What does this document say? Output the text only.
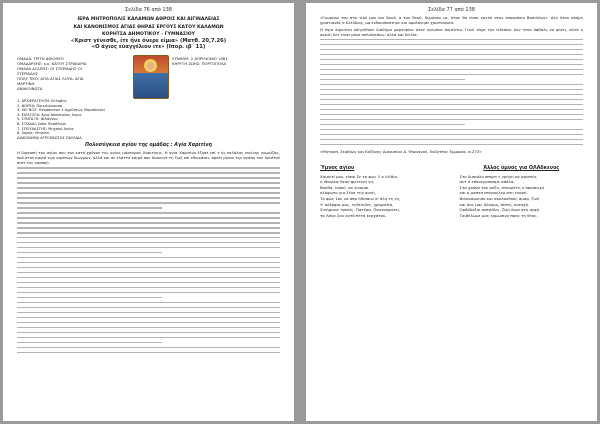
Σελίδα 76 από 138
ΙΕΡΑ ΜΗΤΡΟΠΟΛΙΣ ΚΑΛΑΜΩΝ ΑΘΡΟΙΣ ΚΑΙ ΑΙΓΙΝΑΛΕΙΑΣ
ΚΑΙ ΚΑΝΟΝΙΣΜΟΣ ΑΓΙΑΣ ΘΗΡΑΣ ΕΡΓΟΥΣ ΚΑΤΟΥ ΚΑΛΑΜΩΝ
ΚΟΡΗΤΣΑ ΔΗΜΟΤΙΚΟΥ - ΓΥΜΝΑΣΙΟΥ
«Χριστ γένεσθε, ίτε ήνε όνερε είμια» (Ματθ. 20,7.26)
«Ο άγιος εύαγγέλιον ιτε» (Ιπορ. ιβ΄ 11)
ΟΜΑΔΑ: ΤΡΙΤΗ ΦΙΛΟΘΕΟ
ΟΜΑΔΑΡΧΗΣ: κ.κ. ΚΑΤΟΥ ΣΤΡΑΚΑΡΙΑ
ΟΜΑΔΑ ΑΓΑΠΗΣ: ΟΙ ΣΤΕΡΙΑΔΗΣ ΟΙ ΣΤΕΡΙΑΔΗΣ
ΠΟΛΥ ΤΙΚΟ: ΑΓΙΑ ΑΓΙΑΣ ΛΟΥΔ. ΑΓΙΑ ΜΑΡΤΙΝΗ
ΑΝΑΚΟΙΝΩΤΑ
ΣΥΝΗΘΗ: 2 ΑΠΡΙΛΙΟΝΙΟ 1981
ΚΗΡΥΞΗ ΖΩΗΣ: ΠΟΡΤΟΠΟΛΑ
1. ΑΡΧΙΕΡΑΤΕΥΟΝ: Εύλαβής
2. ΦΟΡΕΑ: Ποικιλώνουσα
3. ΜΟ ΝΟΣ: Θεόσπιστου τ Αχρύσεως Μαροδιανεί
4. ΕΙΣΑΓΟΓΑ: Αγια Αποστολος Αγιος
5. ΣΥΝΤΑΞΗ: Φιλάγνου
6. ΣΤΙΧΑΔΙ: Ωσία Παρθένων
7. ΣΠΟΥΔΑΣΤΗΣ: Μηχανή Αγίας
8. Χορός: Μηνάτη
ΔΙΑΚΟΝΗΜΑ ΑΓΡΟΘΕΩΤΗΣ ΠΑΥΛΙΔΑ
Πολυσύγκεια αγίου της ομάδας : Αγία Χαριτίνη

Η διακοπή του αγίου σου του κατά χρόνον της αγίας μάρτυρος Χαριτίνης. Η αγία Χαριτίνη έζησε επί τ ής πελάλας εκείνης γνωρίζας, πού στον καιρό των αιμάτων διωγμών, αλλά και σε ελάττα καιρό που διακεινε τη ζωή και εθνικάσει, προτί μήσιν την αγάπη του Χριστού πίστ της καρπού.

Σελίδα 77 από 138

«Γνωρίσω του στο τιού μου και δουλί α του Θεού, θυμήσου με, όταν θα είσαι κοντά στον επουράνιο Βασιλέων». Δεν ήταν ακόμη χριστιανός ο Κλεύδιος, μα ενθουσίαστηκε και ομολόγησε χριστιανικά.

Η αγία Χαριτίνη οδηγήθηκε διαδήμα μαρτυρίου στον ηγεμόνα Δομέντιο. Γιατί τάχα την είδεσαν. Δεν ήταν όφθαλς να φύγει, αλλά η ακολη δεν είναι μόνο απλοϊστάνω, αλλά και δειλία.

«Μητροπ. Σερβίων και Κοζάνης Διονυσίου Δ. Ψαριανού, Ενδυτέας Εμμορία, σ.273»
Ύμνος αγίου
Χαιρετί μου, είσαι Σε το φως Υ ο λλίθιο,
η ιθαιρεψ Θεού φωτεινή γή,
Βοήθα, Ιησού, να γίνομαι
ολόφωτο για Σένα την αυγή,
Το φώς Σου να σπρ ήθίσαιω σ' όλη τη γη,
τ' αδέρφια μας, τηθελιδες, χρηματία,
Σιτήριανε Ιησούς, Πατέρα, Παντοκρατεί,
το Λόγο Σου αυτό πετα κερχάτου.
Άλλος ύμνος για ΟΛΑδκενος
Στο διακαλο σπηρτ ε γρήγη κα αριστής
αυτ ό επανεγραψαμε απόλα:
Στα χρόνα του ρήξη, σταυρέτη η προσευχή
και η μαστα στερουλεμ στη ενορή.
Φιλαναμνησο και ακολουθούς αμαρ, ζωή
και δος μας δύναμη, πίστη, αντοχή.
Ορθόδοξοι αστρίδες, ζωή δοια στη αρχή
Τοιβήλωμε μας ερμωσίνη προς τη θεος.
